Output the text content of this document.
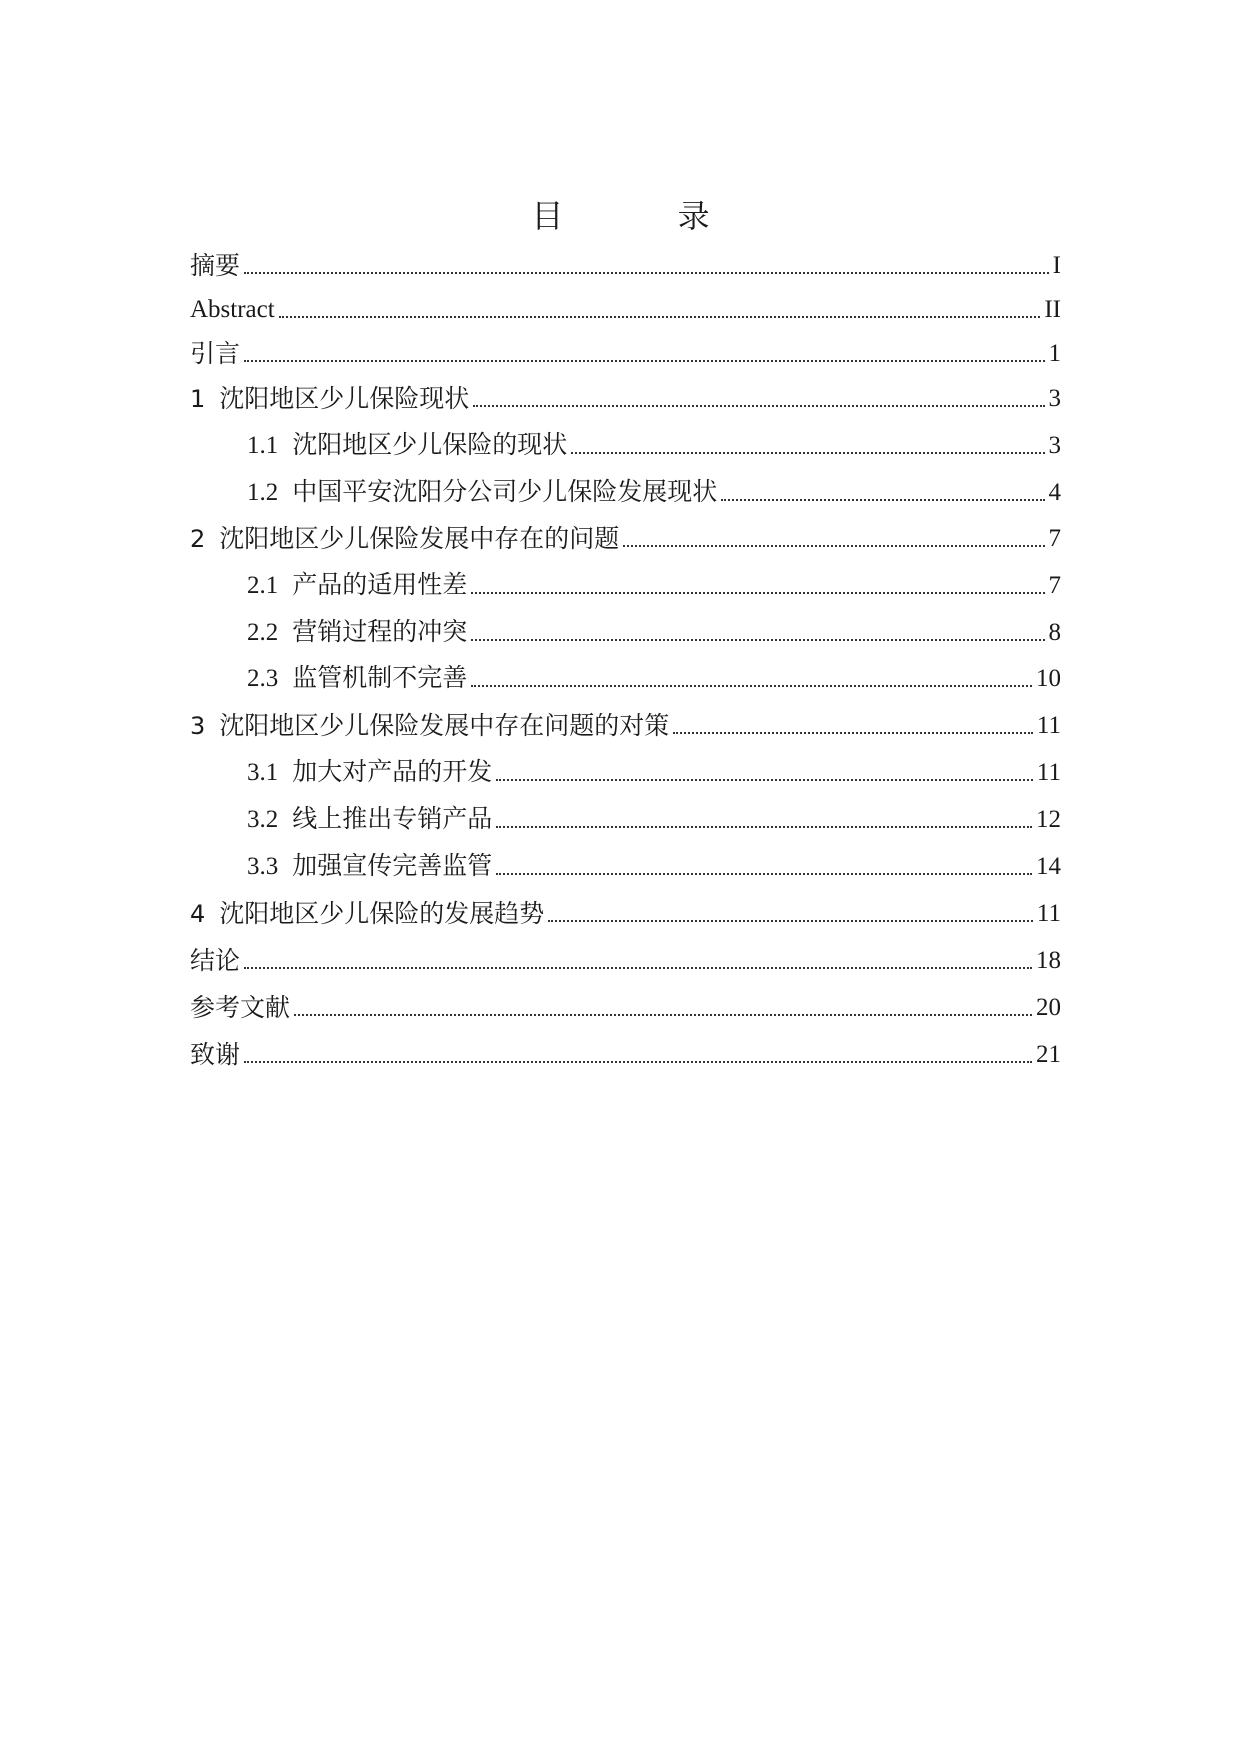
目 录
摘要	I
Abstract	II
引言	1
1 沈阳地区少儿保险现状	3
1.1 沈阳地区少儿保险的现状	3
1.2 中国平安沈阳分公司少儿保险发展现状	4
2 沈阳地区少儿保险发展中存在的问题	7
2.1 产品的适用性差	7
2.2 营销过程的冲突	8
2.3 监管机制不完善	10
3 沈阳地区少儿保险发展中存在问题的对策	11
3.1 加大对产品的开发	11
3.2 线上推出专销产品	12
3.3 加强宣传完善监管	14
4 沈阳地区少儿保险的发展趋势	11
结论	18
参考文献	20
致谢	21
